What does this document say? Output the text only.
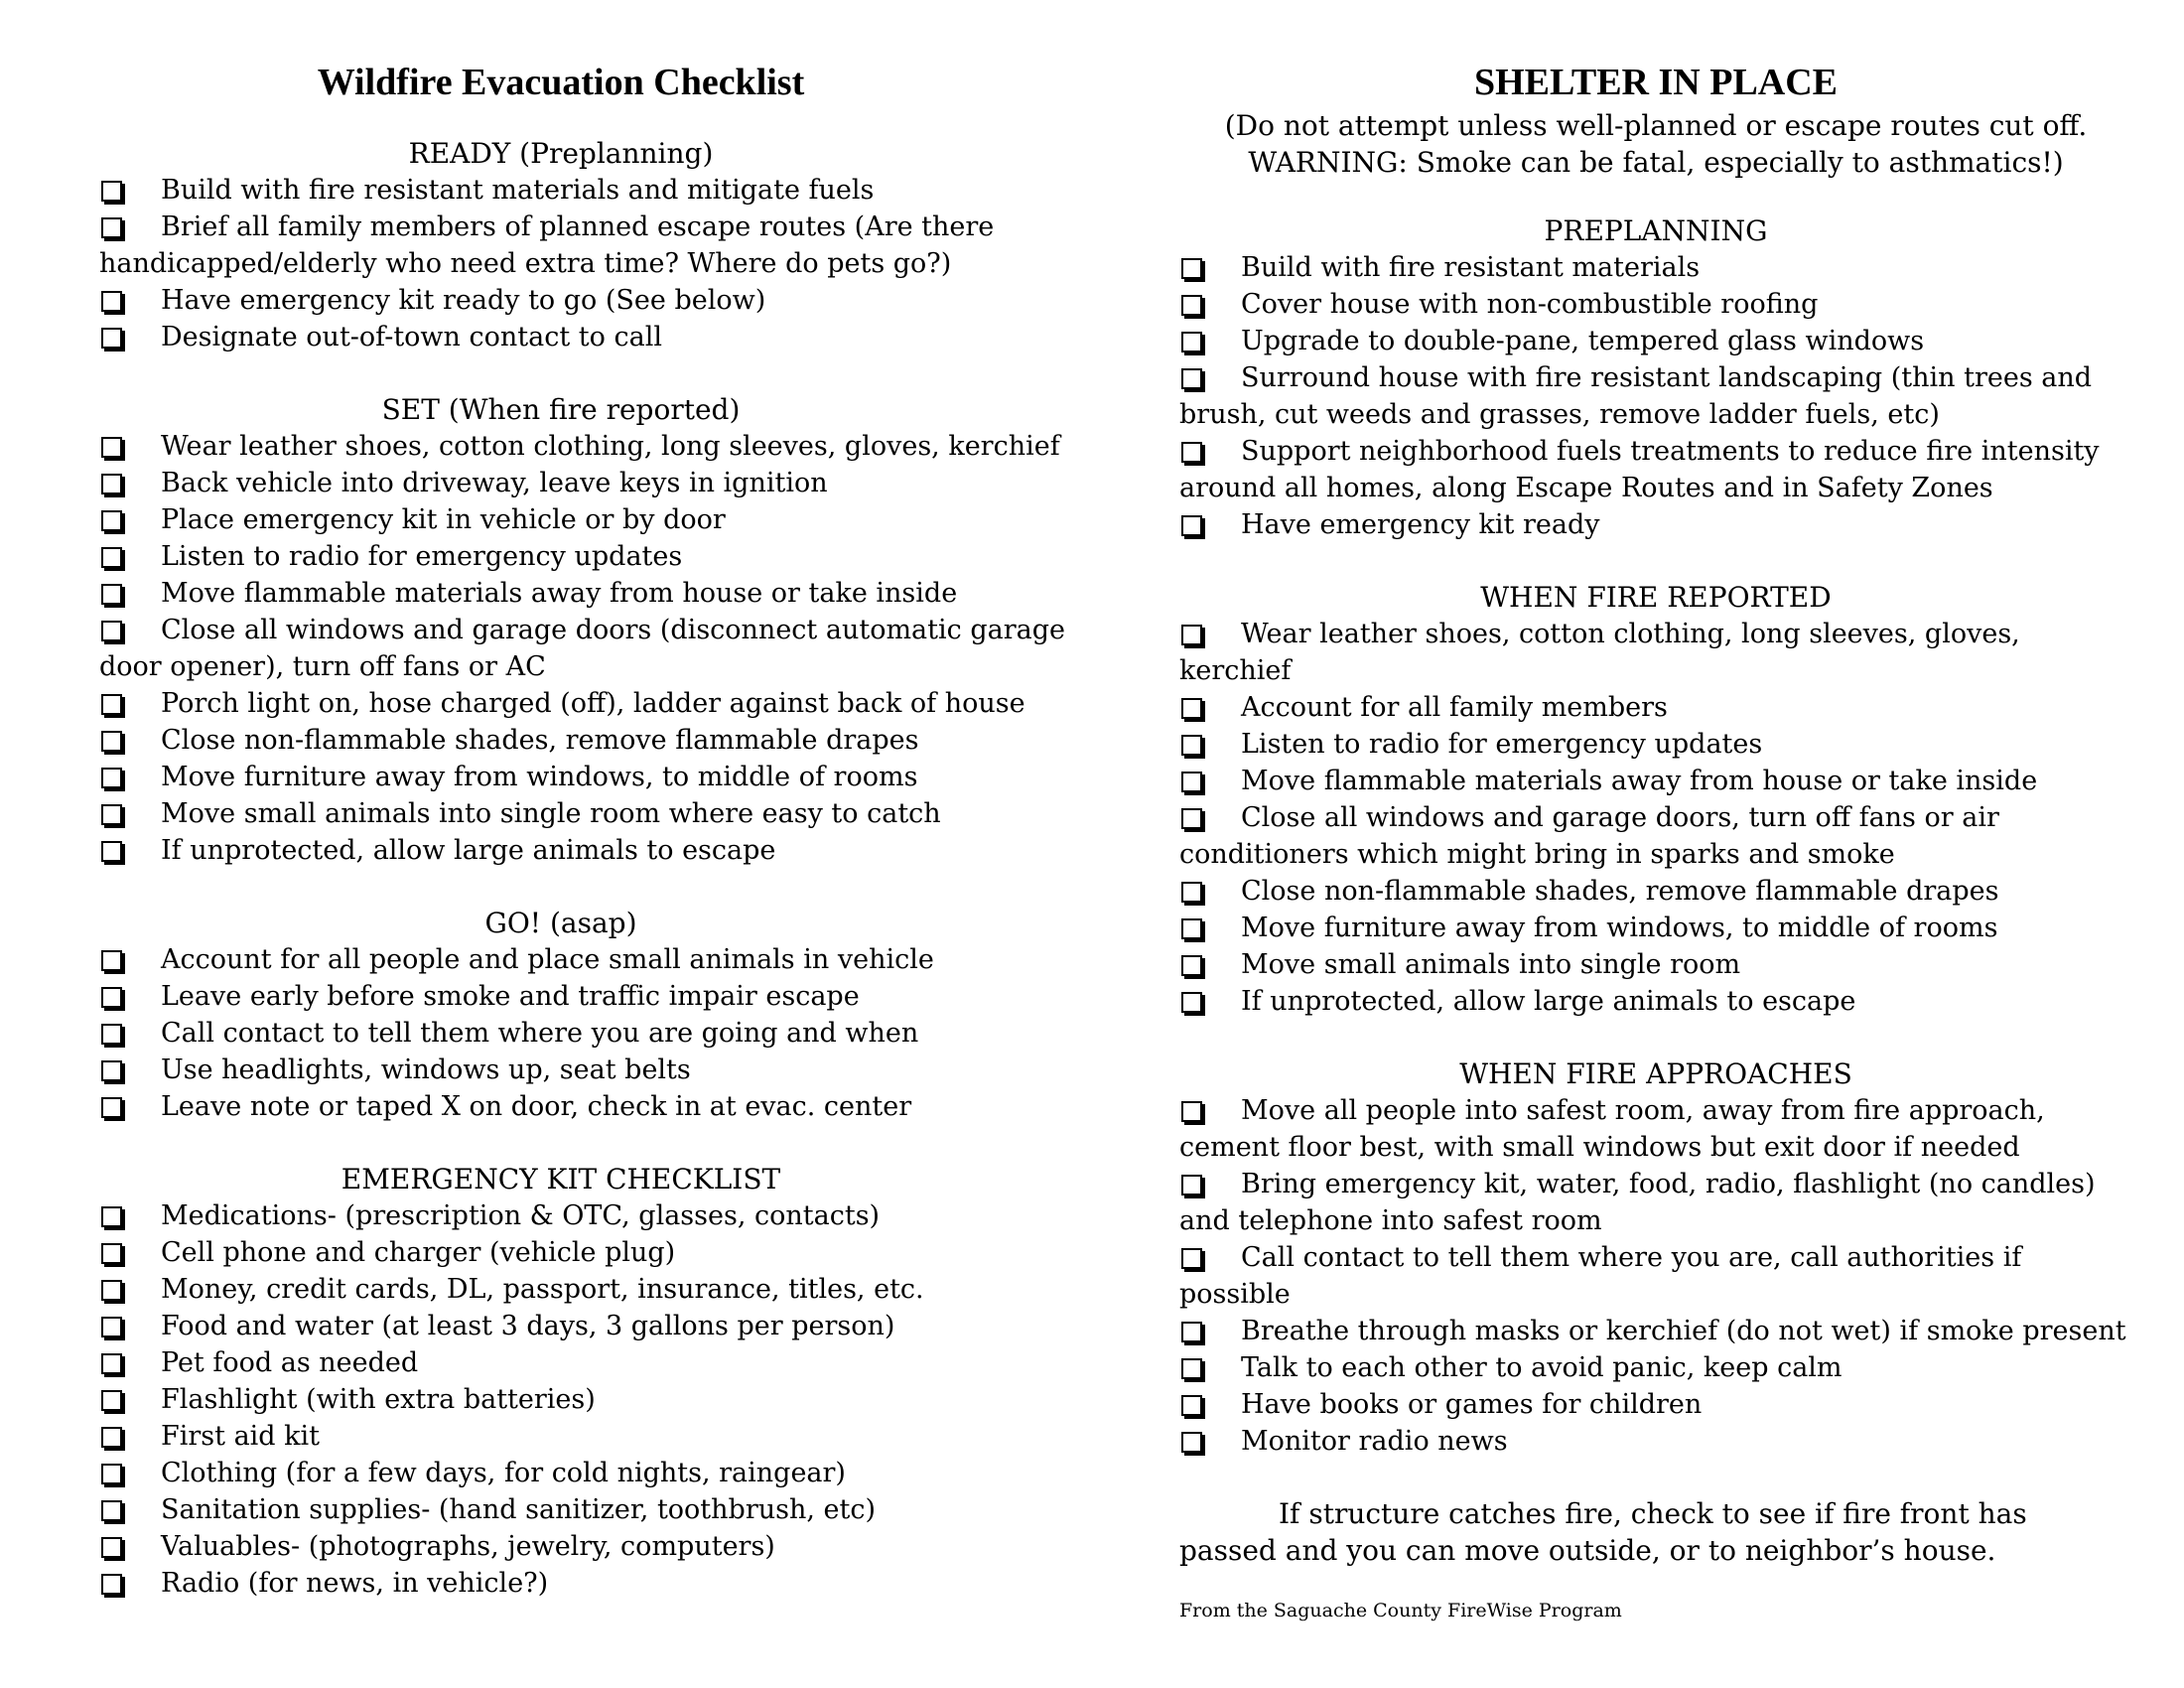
Wildfire Evacuation Checklist
READY (Preplanning)
Build with fire resistant materials and mitigate fuels
Brief all family members of planned escape routes (Are there handicapped/elderly who need extra time? Where do pets go?)
Have emergency kit ready to go (See below)
Designate out-of-town contact to call
SET (When fire reported)
Wear leather shoes, cotton clothing, long sleeves, gloves, kerchief
Back vehicle into driveway, leave keys in ignition
Place emergency kit in vehicle or by door
Listen to radio for emergency updates
Move flammable materials away from house or take inside
Close all windows and garage doors (disconnect automatic garage door opener), turn off fans or AC
Porch light on, hose charged (off), ladder against back of house
Close non-flammable shades, remove flammable drapes
Move furniture away from windows, to middle of rooms
Move small animals into single room where easy to catch
If unprotected, allow large animals to escape
GO! (asap)
Account for all people and place small animals in vehicle
Leave early before smoke and traffic impair escape
Call contact to tell them where you are going and when
Use headlights, windows up, seat belts
Leave note or taped X on door, check in at evac. center
EMERGENCY KIT CHECKLIST
Medications- (prescription & OTC, glasses, contacts)
Cell phone and charger (vehicle plug)
Money, credit cards, DL, passport, insurance, titles, etc.
Food and water (at least 3 days, 3 gallons per person)
Pet food as needed
Flashlight (with extra batteries)
First aid kit
Clothing (for a few days, for cold nights, raingear)
Sanitation supplies- (hand sanitizer, toothbrush, etc)
Valuables- (photographs, jewelry, computers)
Radio (for news, in vehicle?)
SHELTER IN PLACE
(Do not attempt unless well-planned or escape routes cut off.
WARNING: Smoke can be fatal, especially to asthmatics!)
PREPLANNING
Build with fire resistant materials
Cover house with non-combustible roofing
Upgrade to double-pane, tempered glass windows
Surround house with fire resistant landscaping (thin trees and brush, cut weeds and grasses, remove ladder fuels, etc)
Support neighborhood fuels treatments to reduce fire intensity around all homes, along Escape Routes and in Safety Zones
Have emergency kit ready
WHEN FIRE REPORTED
Wear leather shoes, cotton clothing, long sleeves, gloves, kerchief
Account for all family members
Listen to radio for emergency updates
Move flammable materials away from house or take inside
Close all windows and garage doors, turn off fans or air conditioners which might bring in sparks and smoke
Close non-flammable shades, remove flammable drapes
Move furniture away from windows, to middle of rooms
Move small animals into single room
If unprotected, allow large animals to escape
WHEN FIRE APPROACHES
Move all people into safest room, away from fire approach, cement floor best, with small windows but exit door if needed
Bring emergency kit, water, food, radio, flashlight (no candles) and telephone into safest room
Call contact to tell them where you are, call authorities if possible
Breathe through masks or kerchief (do not wet) if smoke present
Talk to each other to avoid panic, keep calm
Have books or games for children
Monitor radio news
If structure catches fire, check to see if fire front has passed and you can move outside, or to neighbor’s house.
From the Saguache County FireWise Program
